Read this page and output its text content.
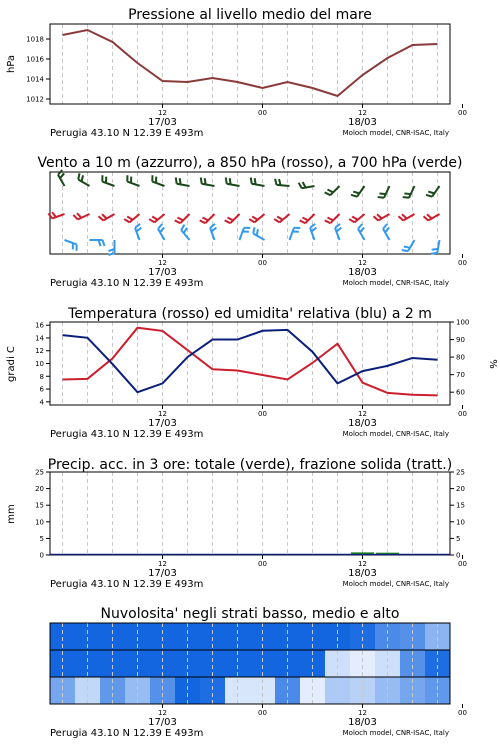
Pressione al livello medio del mare
1012
1014
1016
1018
hPa
12	00	12	00
17/03	18/03
Perugia 43.10 N 12.39 E 493m	Moloch model, CNR-ISAC, Italy
Vento a 10 m (azzurro), a 850 hPa (rosso), a 700 hPa (verde)
12	00	12	00
17/03	18/03
Perugia 43.10 N 12.39 E 493m	Moloch model, CNR-ISAC, Italy
Temperatura (rosso) ed umidita' relativa (blu) a 2 m
4
6
8
10
12
14
16
60
70
80
90
100
gradi C	%
12	00	12	00
17/03	18/03
Perugia 43.10 N 12.39 E 493m	Moloch model, CNR-ISAC, Italy
Precip. acc. in 3 ore: totale (verde), frazione solida (tratt.)
0	0
5	5
10	10
15	15
20	20
25	25
mm
12	00	12	00
17/03	18/03
Perugia 43.10 N 12.39 E 493m	Moloch model, CNR-ISAC, Italy
Nuvolosita' negli strati basso, medio e alto
12	00	12	00
17/03	18/03
Perugia 43.10 N 12.39 E 493m	Moloch model, CNR-ISAC, Italy
